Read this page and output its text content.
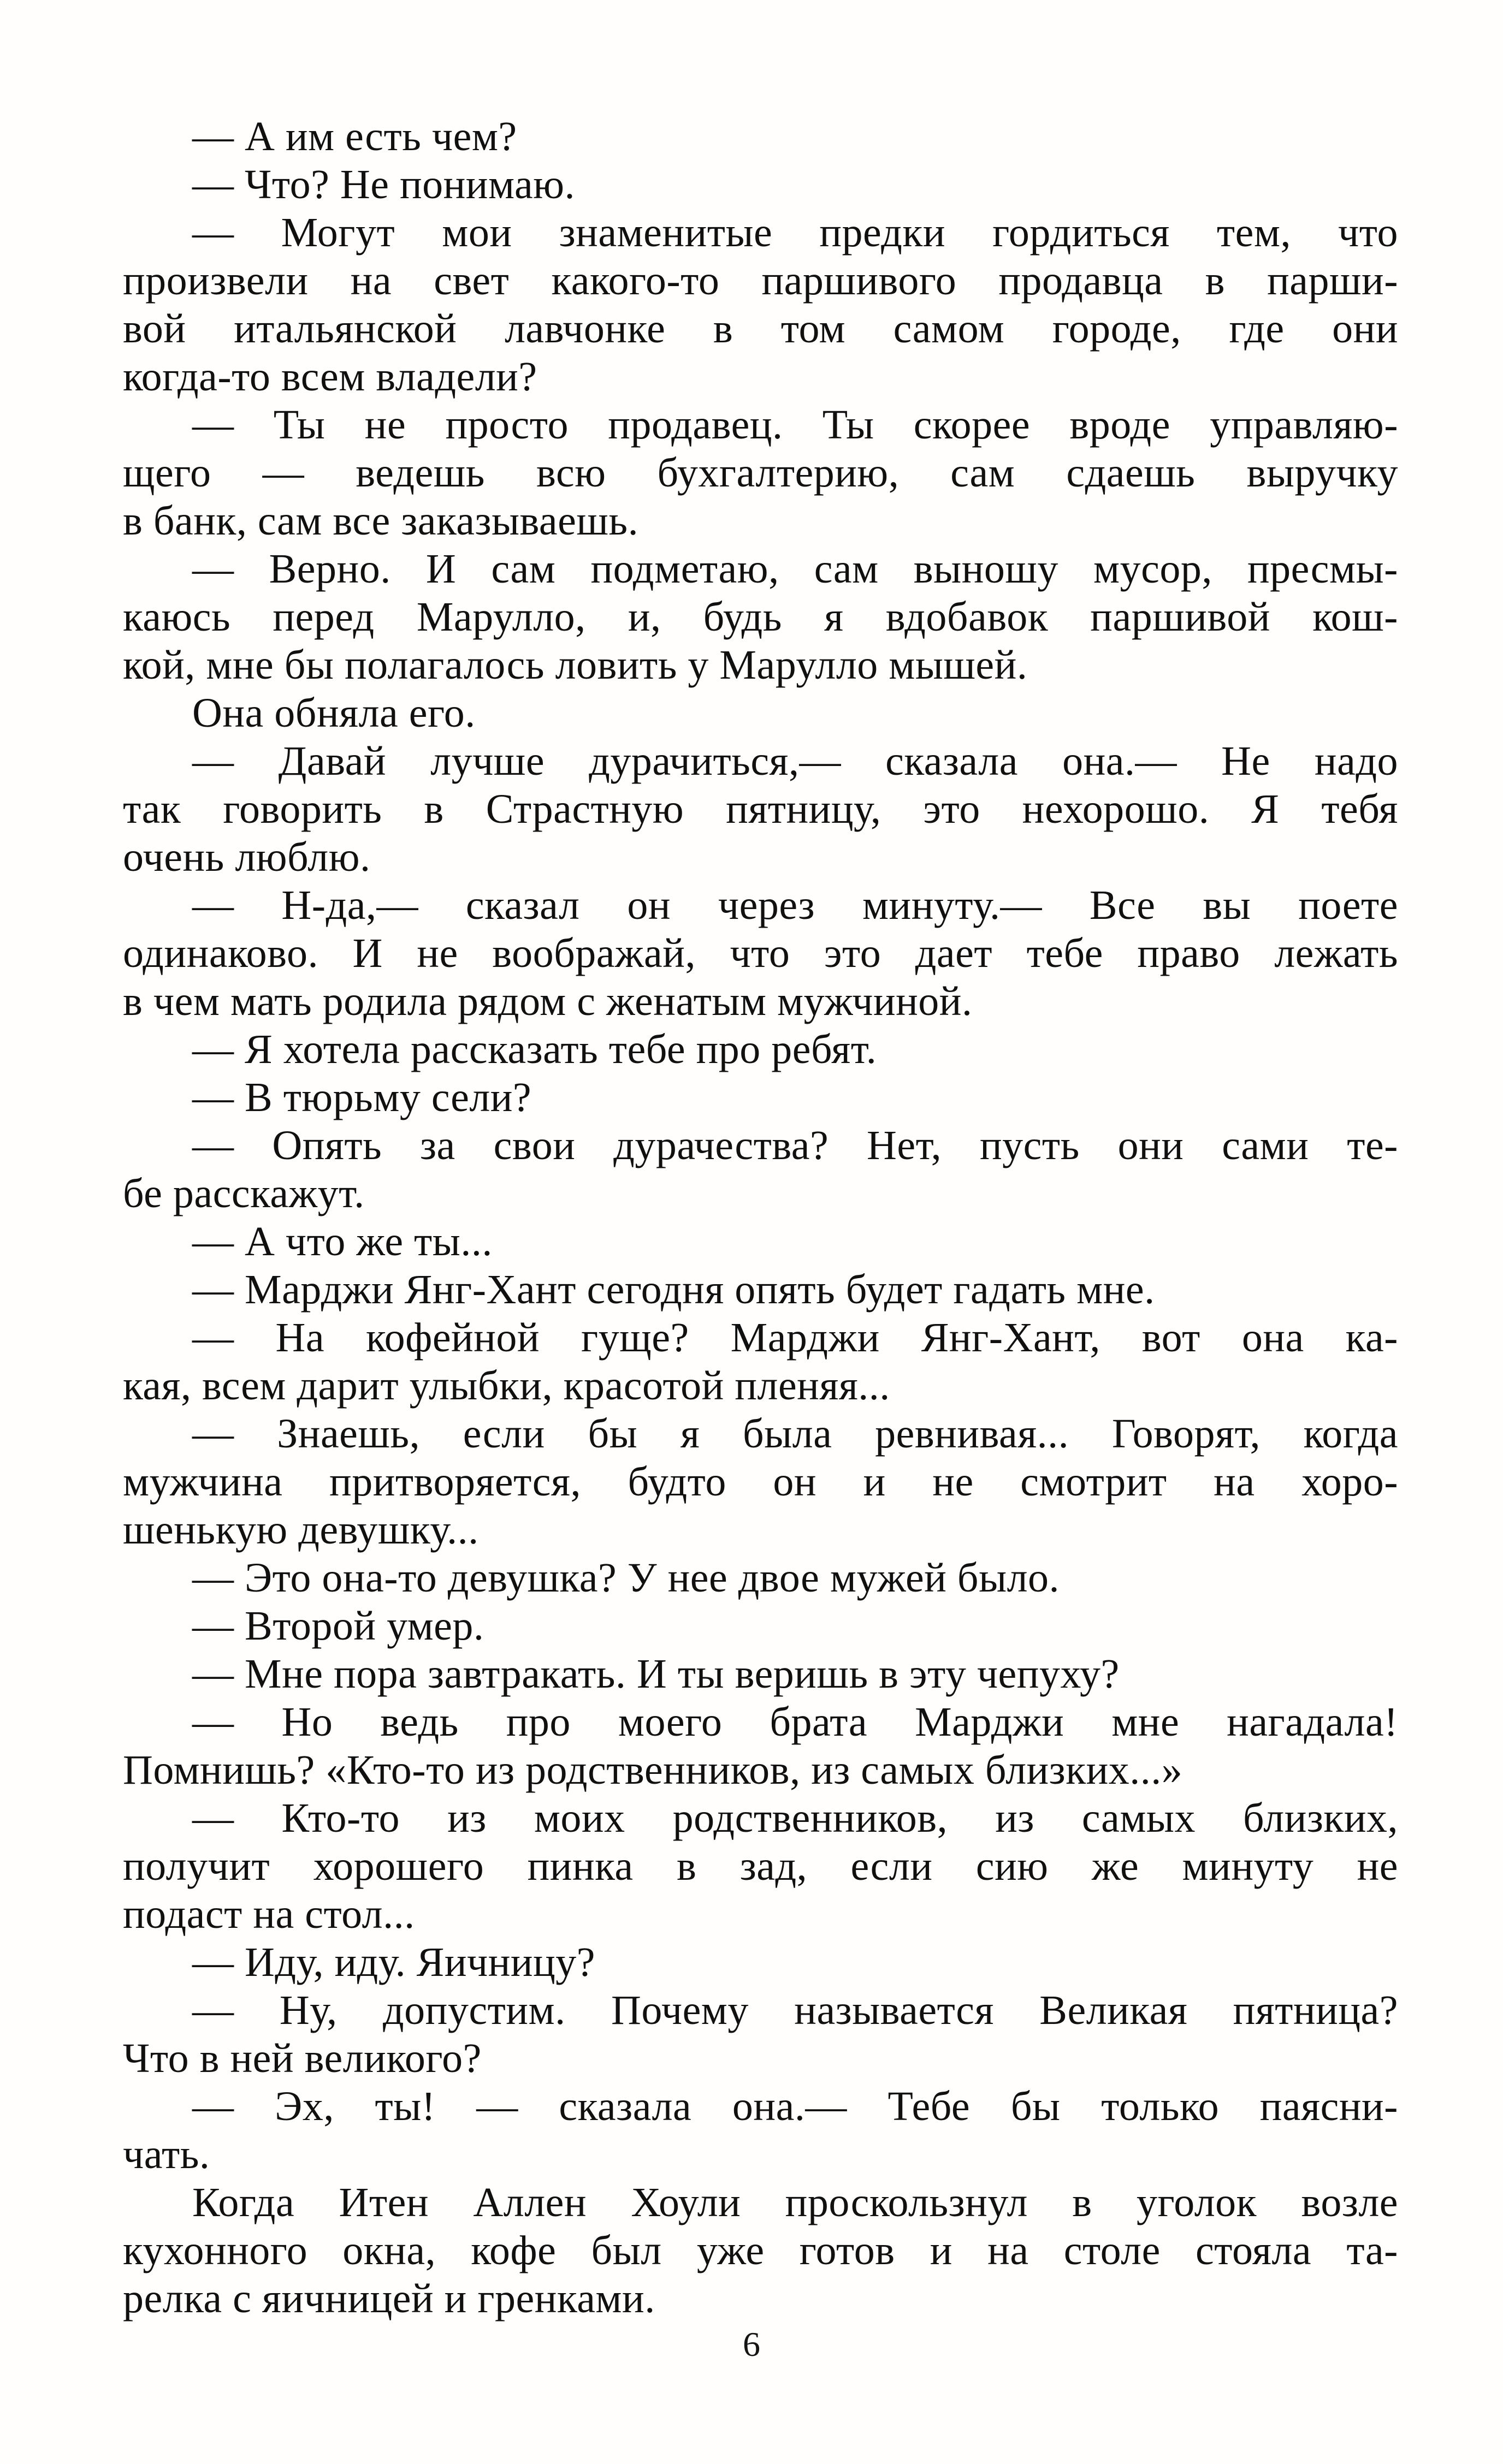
— А им есть чем?
— Что? Не понимаю.
— Могут мои знаменитые предки гордиться тем, что
произвели на свет какого-то паршивого продавца в парши-
вой итальянской лавчонке в том самом городе, где они
когда-то всем владели?
— Ты не просто продавец. Ты скорее вроде управляю-
щего — ведешь всю бухгалтерию, сам сдаешь выручку
в банк, сам все заказываешь.
— Верно. И сам подметаю, сам выношу мусор, пресмы-
каюсь перед Марулло, и, будь я вдобавок паршивой кош-
кой, мне бы полагалось ловить у Марулло мышей.
Она обняла его.
— Давай лучше дурачиться,— сказала она.— Не надо
так говорить в Страстную пятницу, это нехорошо. Я тебя
очень люблю.
— Н-да,— сказал он через минуту.— Все вы поете
одинаково. И не воображай, что это дает тебе право лежать
в чем мать родила рядом с женатым мужчиной.
— Я хотела рассказать тебе про ребят.
— В тюрьму сели?
— Опять за свои дурачества? Нет, пусть они сами те-
бе расскажут.
— А что же ты...
— Марджи Янг-Хант сегодня опять будет гадать мне.
— На кофейной гуще? Марджи Янг-Хант, вот она ка-
кая, всем дарит улыбки, красотой пленяя...
— Знаешь, если бы я была ревнивая... Говорят, когда
мужчина притворяется, будто он и не смотрит на хоро-
шенькую девушку...
— Это она-то девушка? У нее двое мужей было.
— Второй умер.
— Мне пора завтракать. И ты веришь в эту чепуху?
— Но ведь про моего брата Марджи мне нагадала!
Помнишь? «Кто-то из родственников, из самых близких...»
— Кто-то из моих родственников, из самых близких,
получит хорошего пинка в зад, если сию же минуту не
подаст на стол...
— Иду, иду. Яичницу?
— Ну, допустим. Почему называется Великая пятница?
Что в ней великого?
— Эх, ты! — сказала она.— Тебе бы только паясни-
чать.
Когда Итен Аллен Хоули проскользнул в уголок возле
кухонного окна, кофе был уже готов и на столе стояла та-
релка с яичницей и гренками.
6
